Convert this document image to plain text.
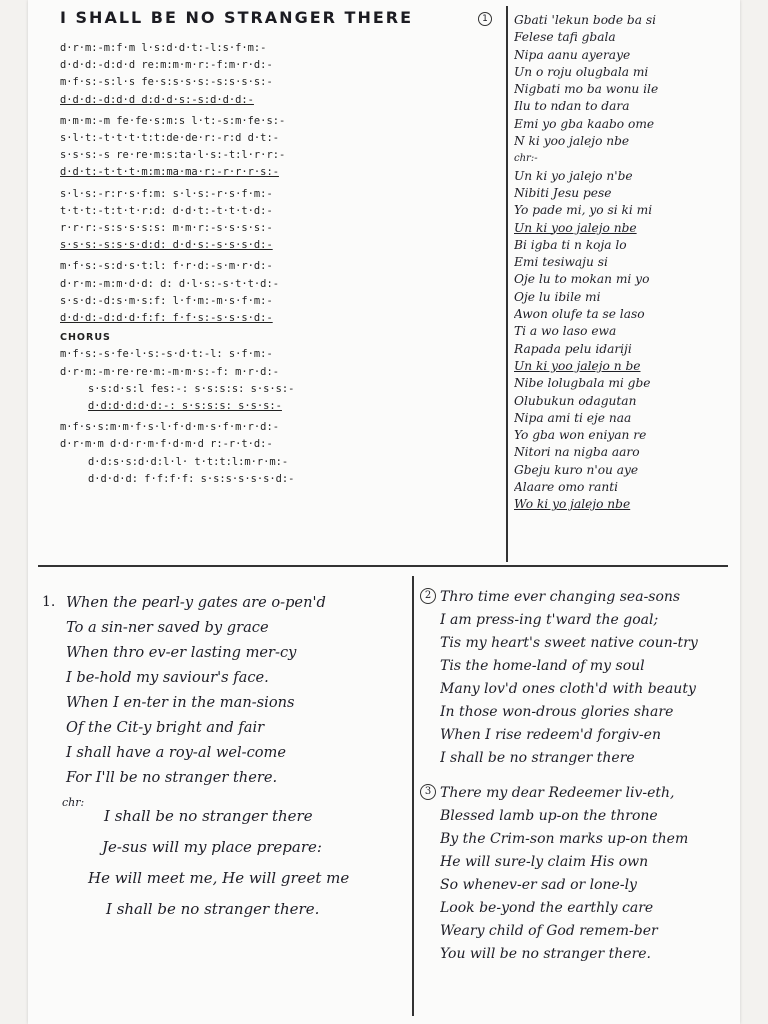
I SHALL BE NO STRANGER THERE	1
d·r·m:-m:f·m l·s:d·d·t:-l:s·f·m:-
d·d·d:-d:d·d re:m:m·m·r:-f:m·r·d:-
m·f·s:-s:l·s fe·s:s·s·s:-s:s·s·s:-
d·d·d:-d:d·d d:d·d·s:-s:d·d·d:-
m·m·m:-m fe·fe·s:m:s l·t:-s:m·fe·s:-
s·l·t:-t·t·t·t:t:de·de·r:-r:d d·t:-
s·s·s:-s re·re·m:s:ta·l·s:-t:l·r·r:-
d·d·t:-t·t·t·m:m:ma·ma·r:-r·r·r·s:-
s·l·s:-r:r·s·f:m: s·l·s:-r·s·f·m:-
t·t·t:-t:t·t·r:d: d·d·t:-t·t·t·d:-
r·r·r:-s:s·s·s:s: m·m·r:-s·s·s·s:-
s·s·s:-s:s·s·d:d: d·d·s:-s·s·s·d:-
m·f·s:-s:d·s·t:l: f·r·d:-s·m·r·d:-
d·r·m:-m:m·d·d: d: d·l·s:-s·t·t·d:-
s·s·d:-d:s·m·s:f: l·f·m:-m·s·f·m:-
d·d·d:-d:d·d·f:f: f·f·s:-s·s·s·d:-
CHORUS
m·f·s:-s·fe·l·s:-s·d·t:-l: s·f·m:-
d·r·m:-m·re·re·m:-m·m·s:-f: m·r·d:-
s·s:d·s:l fes:-: s·s:s:s: s·s·s:-
d·d:d·d:d·d:-: s·s:s:s: s·s·s:-
m·f·s·s:m·m·f·s·l·f·d·m·s·f·m·r·d:-
d·r·m·m d·d·r·m·f·d·m·d r:-r·t·d:-
d·d:s·s:d·d:l·l· t·t:t:l:m·r·m:-
d·d·d·d: f·f:f·f: s·s:s·s·s·s·d:-
Gbati 'lekun bode ba si
Felese tafi gbala
Nipa aanu ayeraye
Un o roju olugbala mi
Nigbati mo ba wonu ile
Ilu to ndan to dara
Emi yo gba kaabo ome
N ki yoo jalejo nbe
chr:-
Un ki yo jalejo n'be
Nibiti Jesu pese
Yo pade mi, yo si ki mi
Un ki yoo jalejo nbe
Bi igba ti n koja lo
Emi tesiwaju si
Oje lu to mokan mi yo
Oje lu ibile mi
Awon olufe ta se laso
Ti a wo laso ewa
Rapada pelu idariji
Un ki yoo jalejo n be
Nibe lolugbala mi gbe
Olubukun odagutan
Nipa ami ti eje naa
Yo gba won eniyan re
Nitori na nigba aaro
Gbeju kuro n'ou aye
Alaare omo ranti
Wo ki yo jalejo nbe
1. When the pearl-y gates are o-pen'd
To a sin-ner saved by grace
When thro ev-er lasting mer-cy
I be-hold my saviour's face.
When I en-ter in the man-sions
Of the Cit-y bright and fair
I shall have a roy-al wel-come
For I'll be no stranger there.
chr:
I shall be no stranger there
Je-sus will my place prepare:
He will meet me, He will greet me
I shall be no stranger there.
2 Thro time ever changing sea-sons
I am press-ing t'ward the goal;
Tis my heart's sweet native coun-try
Tis the home-land of my soul
Many lov'd ones cloth'd with beauty
In those won-drous glories share
When I rise redeem'd forgiv-en
I shall be no stranger there
3 There my dear Redeemer liv-eth,
Blessed lamb up-on the throne
By the Crim-son marks up-on them
He will sure-ly claim His own
So whenev-er sad or lone-ly
Look be-yond the earthly care
Weary child of God remem-ber
You will be no stranger there.
